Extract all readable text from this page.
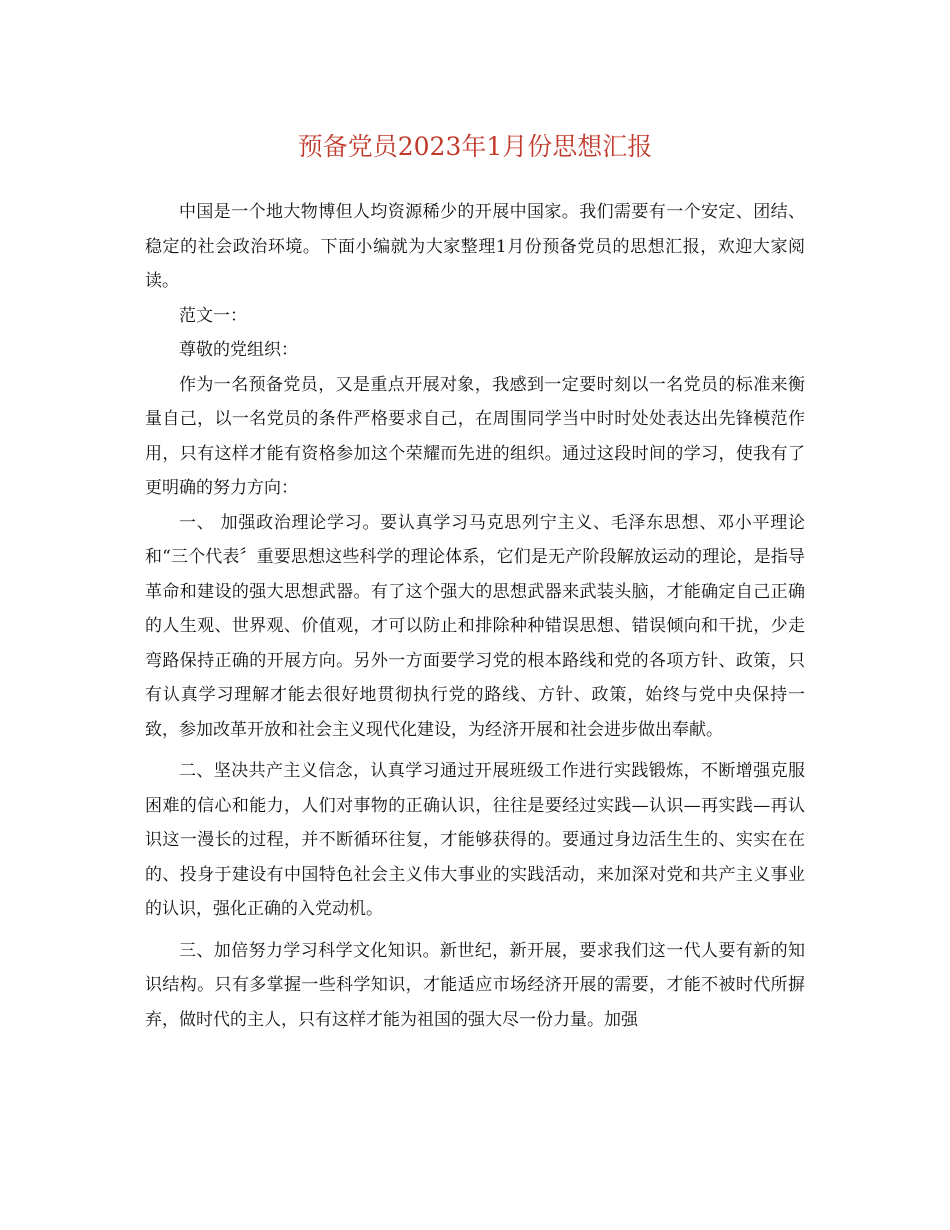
预备党员2023年1月份思想汇报

中国是一个地大物博但人均资源稀少的开展中国家。我们需要有一个安定、团结、稳定的社会政治环境。下面小编就为大家整理1月份预备党员的思想汇报，欢迎大家阅读。

范文一：

尊敬的党组织：

作为一名预备党员，又是重点开展对象，我感到一定要时刻以一名党员的标准来衡量自己，以一名党员的条件严格要求自己，在周围同学当中时时处处表达出先锋模范作用，只有这样才能有资格参加这个荣耀而先进的组织。通过这段时间的学习，使我有了更明确的努力方向：

一、 加强政治理论学习。要认真学习马克思列宁主义、毛泽东思想、邓小平理论和“三个代表〞重要思想这些科学的理论体系，它们是无产阶段解放运动的理论，是指导革命和建设的强大思想武器。有了这个强大的思想武器来武装头脑，才能确定自己正确的人生观、世界观、价值观，才可以防止和排除种种错误思想、错误倾向和干扰，少走弯路保持正确的开展方向。另外一方面要学习党的根本路线和党的各项方针、政策，只有认真学习理解才能去很好地贯彻执行党的路线、方针、政策，始终与党中央保持一致，参加改革开放和社会主义现代化建设，为经济开展和社会进步做出奉献。

二、坚决共产主义信念，认真学习通过开展班级工作进行实践锻炼，不断增强克服困难的信心和能力，人们对事物的正确认识，往往是要经过实践—认识—再实践—再认识这一漫长的过程，并不断循环往复，才能够获得的。要通过身边活生生的、实实在在的、投身于建设有中国特色社会主义伟大事业的实践活动，来加深对党和共产主义事业的认识，强化正确的入党动机。

三、加倍努力学习科学文化知识。新世纪，新开展，要求我们这一代人要有新的知识结构。只有多掌握一些科学知识，才能适应市场经济开展的需要，才能不被时代所摒弃，做时代的主人，只有这样才能为祖国的强大尽一份力量。加强
